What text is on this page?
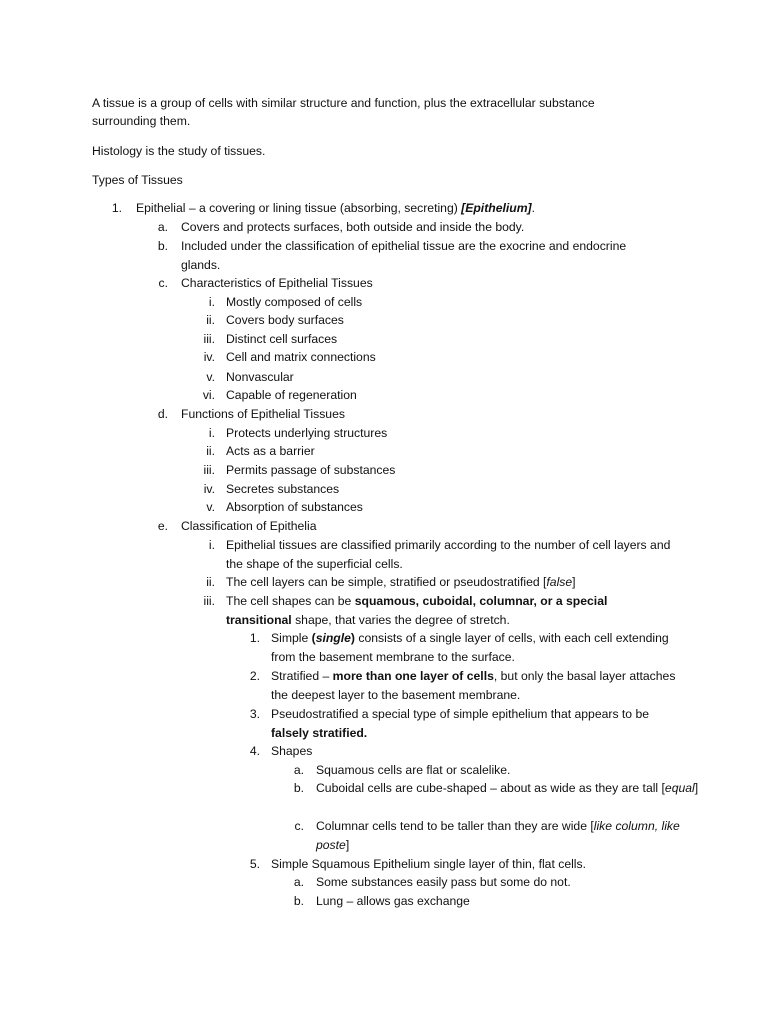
A tissue is a group of cells with similar structure and function, plus the extracellular substance surrounding them.

Histology is the study of tissues.

Types of Tissues

1. Epithelial – a covering or lining tissue (absorbing, secreting) [Epithelium].
a. Covers and protects surfaces, both outside and inside the body.
b. Included under the classification of epithelial tissue are the exocrine and endocrine glands.
c. Characteristics of Epithelial Tissues
i. Mostly composed of cells
ii. Covers body surfaces
iii. Distinct cell surfaces
iv. Cell and matrix connections
v. Nonvascular
vi. Capable of regeneration
d. Functions of Epithelial Tissues
i. Protects underlying structures
ii. Acts as a barrier
iii. Permits passage of substances
iv. Secretes substances
v. Absorption of substances
e. Classification of Epithelia
i. Epithelial tissues are classified primarily according to the number of cell layers and the shape of the superficial cells.
ii. The cell layers can be simple, stratified or pseudostratified [false]
iii. The cell shapes can be squamous, cuboidal, columnar, or a special transitional shape, that varies the degree of stretch.
1. Simple (single) consists of a single layer of cells, with each cell extending from the basement membrane to the surface.
2. Stratified – more than one layer of cells, but only the basal layer attaches the deepest layer to the basement membrane.
3. Pseudostratified a special type of simple epithelium that appears to be falsely stratified.
4. Shapes
a. Squamous cells are flat or scalelike.
b. Cuboidal cells are cube-shaped – about as wide as they are tall [equal]
c. Columnar cells tend to be taller than they are wide [like column, like poste]
5. Simple Squamous Epithelium single layer of thin, flat cells.
a. Some substances easily pass but some do not.
b. Lung – allows gas exchange
